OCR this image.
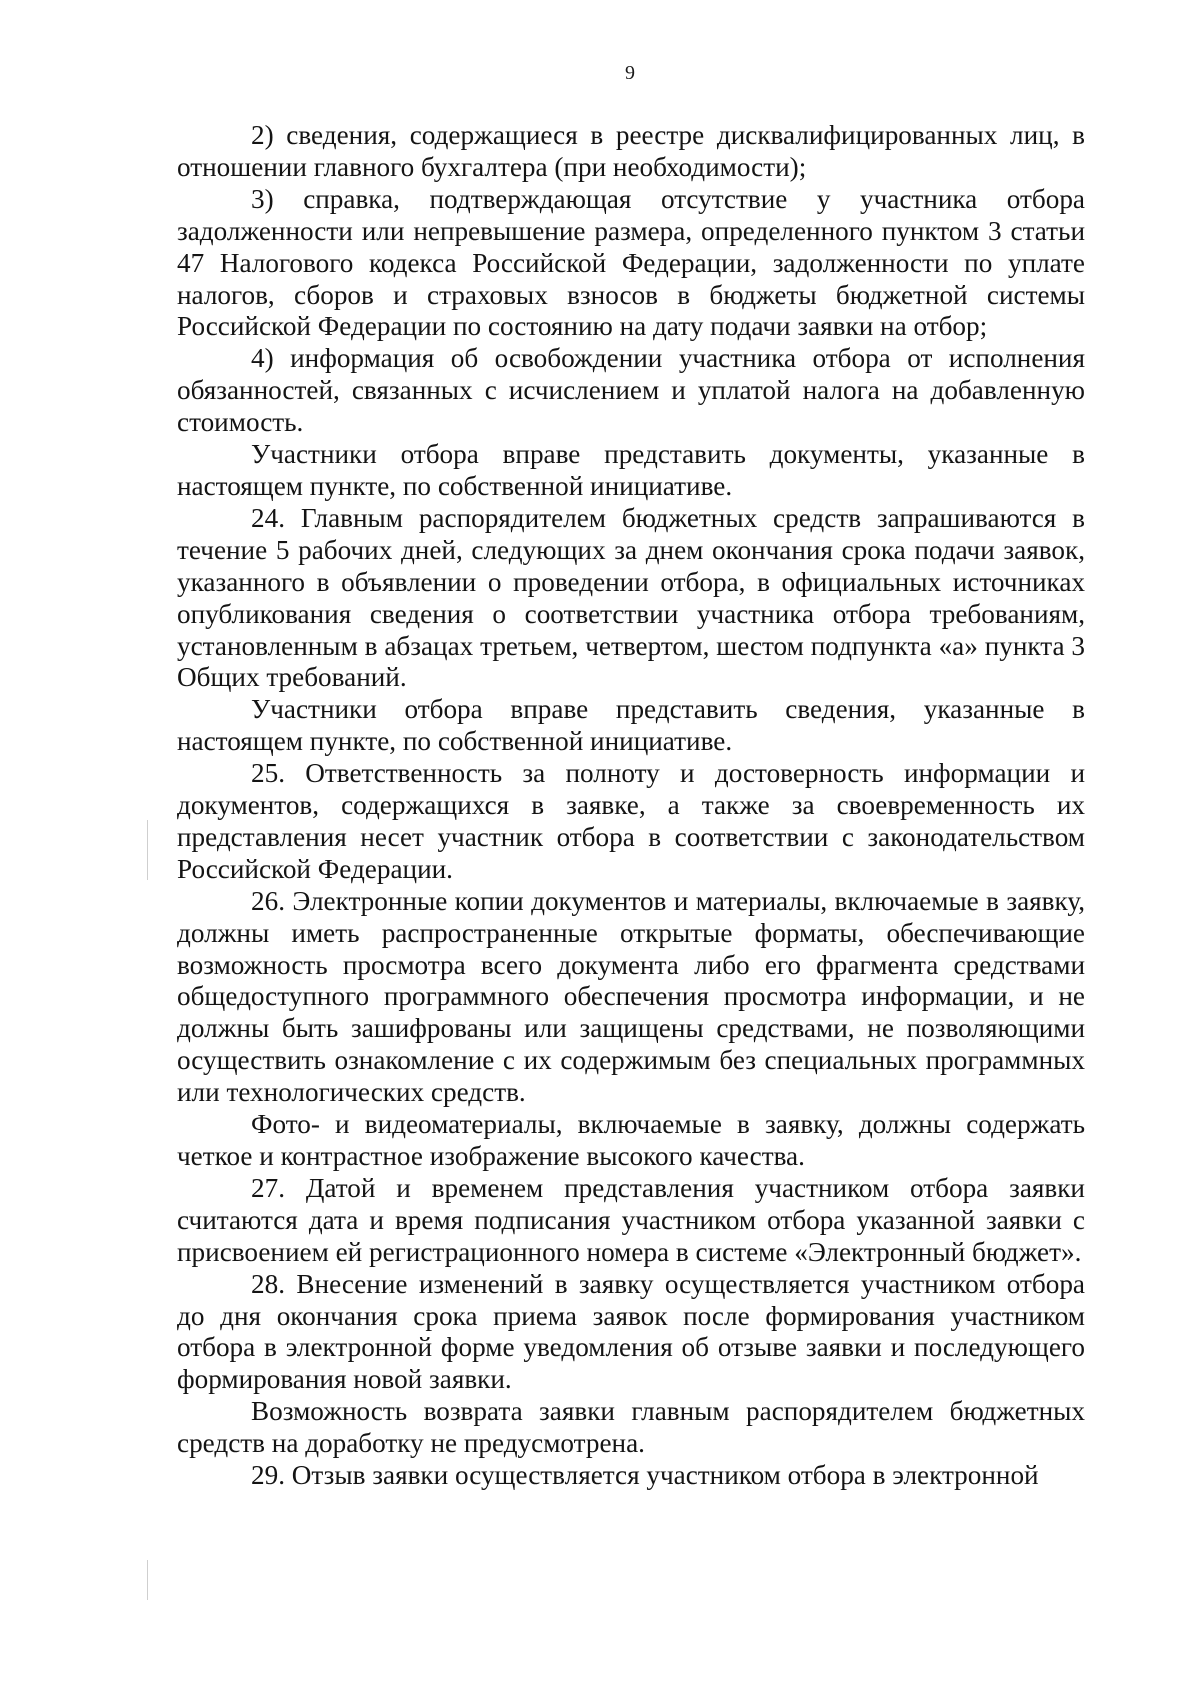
9

2) сведения, содержащиеся в реестре дисквалифицированных лиц, в отношении главного бухгалтера (при необходимости);

3) справка, подтверждающая отсутствие у участника отбора задолженности или непревышение размера, определенного пунктом 3 статьи 47 Налогового кодекса Российской Федерации, задолженности по уплате налогов, сборов и страховых взносов в бюджеты бюджетной системы Российской Федерации по состоянию на дату подачи заявки на отбор;

4) информация об освобождении участника отбора от исполнения обязанностей, связанных с исчислением и уплатой налога на добавленную стоимость.

Участники отбора вправе представить документы, указанные в настоящем пункте, по собственной инициативе.

24. Главным распорядителем бюджетных средств запрашиваются в течение 5 рабочих дней, следующих за днем окончания срока подачи заявок, указанного в объявлении о проведении отбора, в официальных источниках опубликования сведения о соответствии участника отбора требованиям, установленным в абзацах третьем, четвертом, шестом подпункта «а» пункта 3 Общих требований.

Участники отбора вправе представить сведения, указанные в настоящем пункте, по собственной инициативе.

25. Ответственность за полноту и достоверность информации и документов, содержащихся в заявке, а также за своевременность их представления несет участник отбора в соответствии с законодательством Российской Федерации.

26. Электронные копии документов и материалы, включаемые в заявку, должны иметь распространенные открытые форматы, обеспечивающие возможность просмотра всего документа либо его фрагмента средствами общедоступного программного обеспечения просмотра информации, и не должны быть зашифрованы или защищены средствами, не позволяющими осуществить ознакомление с их содержимым без специальных программных или технологических средств.

Фото- и видеоматериалы, включаемые в заявку, должны содержать четкое и контрастное изображение высокого качества.

27. Датой и временем представления участником отбора заявки считаются дата и время подписания участником отбора указанной заявки с присвоением ей регистрационного номера в системе «Электронный бюджет».

28. Внесение изменений в заявку осуществляется участником отбора до дня окончания срока приема заявок после формирования участником отбора в электронной форме уведомления об отзыве заявки и последующего формирования новой заявки.

Возможность возврата заявки главным распорядителем бюджетных средств на доработку не предусмотрена.

29. Отзыв заявки осуществляется участником отбора в электронной
